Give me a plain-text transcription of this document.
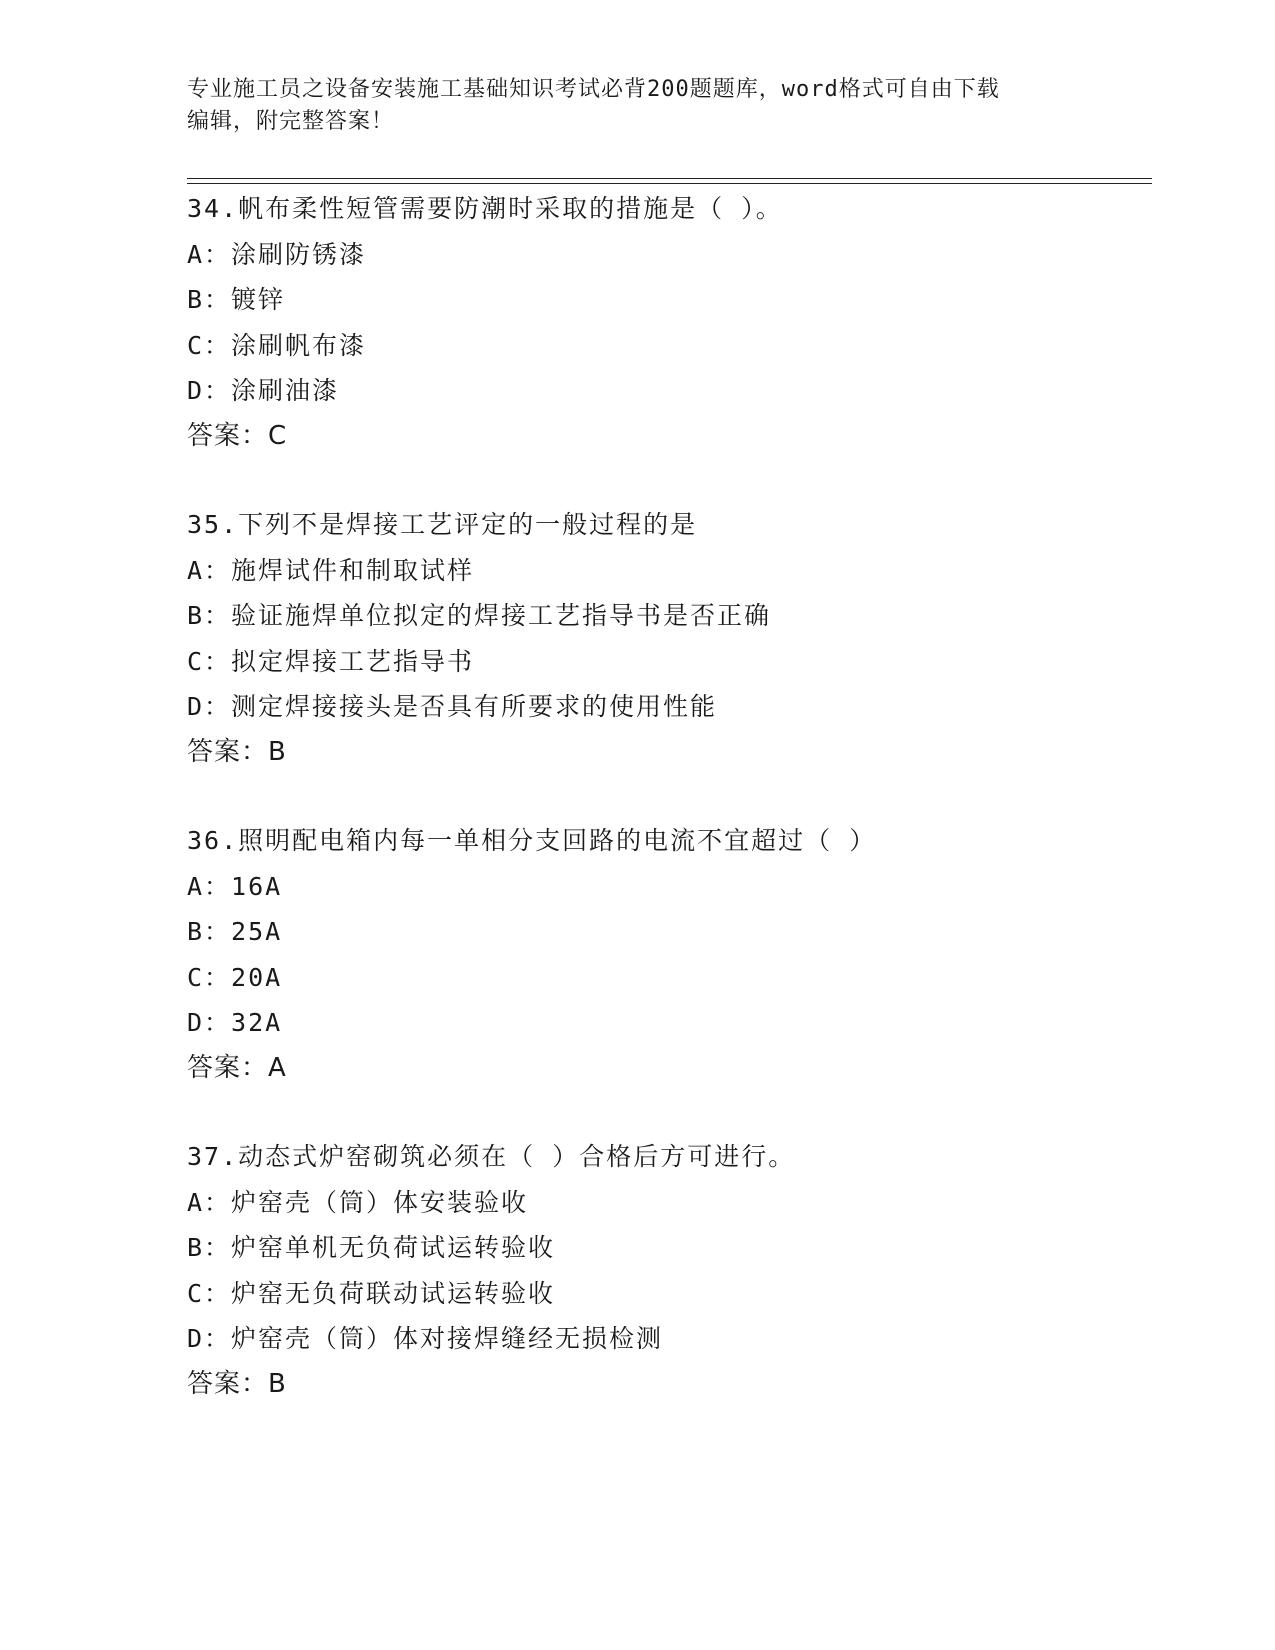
专业施工员之设备安装施工基础知识考试必背200题题库，word格式可自由下载
编辑，附完整答案！
34.帆布柔性短管需要防潮时采取的措施是（ ）。
A：涂刷防锈漆
B：镀锌
C：涂刷帆布漆
D：涂刷油漆
答案：C
35.下列不是焊接工艺评定的一般过程的是
A：施焊试件和制取试样
B：验证施焊单位拟定的焊接工艺指导书是否正确
C：拟定焊接工艺指导书
D：测定焊接接头是否具有所要求的使用性能
答案：B
36.照明配电箱内每一单相分支回路的电流不宜超过（ ）
A：16A
B：25A
C：20A
D：32A
答案：A
37.动态式炉窑砌筑必须在（ ）合格后方可进行。
A：炉窑壳（筒）体安装验收
B：炉窑单机无负荷试运转验收
C：炉窑无负荷联动试运转验收
D：炉窑壳（筒）体对接焊缝经无损检测
答案：B
